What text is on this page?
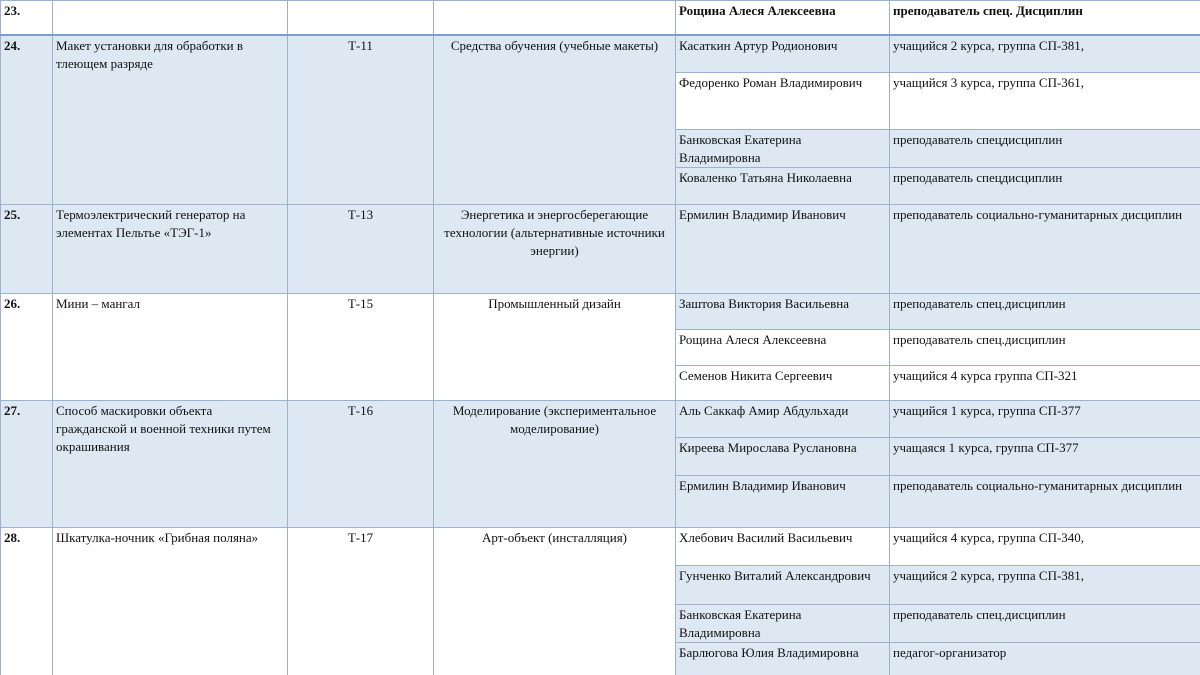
23.				Рощина Алеся Алексеевна	преподаватель спец. Дисциплин
24.	Макет установки для обработки в тлеющем разряде	Т-11	Средства обучения (учебные макеты)	Касаткин Артур Родионович	учащийся 2 курса, группа СП-381,
				Федоренко Роман Владимирович	учащийся 3 курса, группа СП-361,
				Банковская Екатерина Владимировна	преподаватель спецдисциплин
				Коваленко Татьяна Николаевна	преподаватель спецдисциплин
25.	Термоэлектрический генератор на элементах Пельтье «ТЭГ-1»	Т-13	Энергетика и энергосберегающие технологии (альтернативные источники энергии)	Ермилин Владимир Иванович	преподаватель социально-гуманитарных дисциплин
26.	Мини – мангал	Т-15	Промышленный дизайн	Заштова Виктория Васильевна	преподаватель спец.дисциплин
				Рощина Алеся Алексеевна	преподаватель спец.дисциплин
				Семенов Никита Сергеевич	учащийся 4 курса группа СП-321
27.	Способ маскировки объекта гражданской и военной техники путем окрашивания	Т-16	Моделирование (экспериментальное моделирование)	Аль Саккаф Амир Абдульхади	учащийся 1 курса, группа СП-377
				Киреева Мирослава Руслановна	учащаяся 1 курса, группа СП-377
				Ермилин Владимир Иванович	преподаватель социально-гуманитарных дисциплин
28.	Шкатулка-ночник «Грибная поляна»	Т-17	Арт-объект (инсталляция)	Хлебович Василий Васильевич	учащийся 4 курса, группа СП-340,
				Гунченко Виталий Александрович	учащийся 2 курса, группа СП-381,
				Банковская Екатерина Владимировна	преподаватель спец.дисциплин
				Барлюгова Юлия Владимировна	педагог-организатор
